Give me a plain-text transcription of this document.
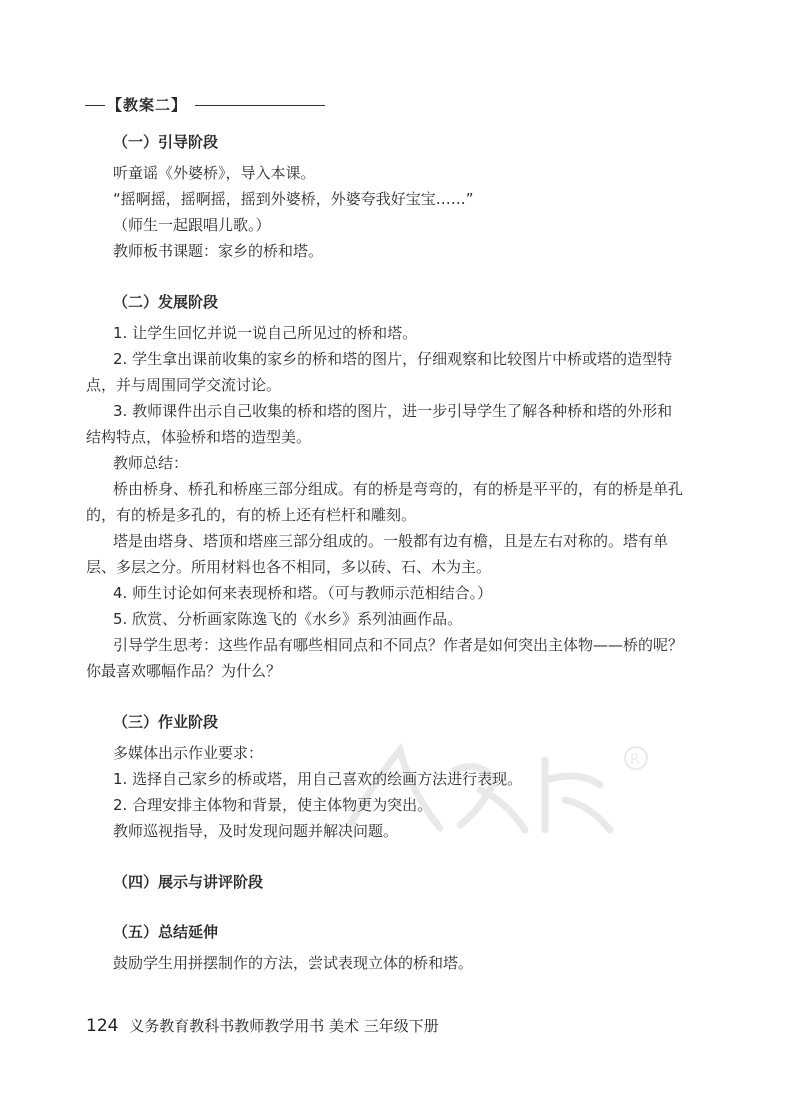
【教案二】
（一）引导阶段
听童谣《外婆桥》，导入本课。
“摇啊摇，摇啊摇，摇到外婆桥，外婆夸我好宝宝……”
（师生一起跟唱儿歌。）
教师板书课题：家乡的桥和塔。
（二）发展阶段
1. 让学生回忆并说一说自己所见过的桥和塔。
2. 学生拿出课前收集的家乡的桥和塔的图片，仔细观察和比较图片中桥或塔的造型特
点，并与周围同学交流讨论。
3. 教师课件出示自己收集的桥和塔的图片，进一步引导学生了解各种桥和塔的外形和
结构特点，体验桥和塔的造型美。
教师总结：
桥由桥身、桥孔和桥座三部分组成。有的桥是弯弯的，有的桥是平平的，有的桥是单孔
的，有的桥是多孔的，有的桥上还有栏杆和雕刻。
塔是由塔身、塔顶和塔座三部分组成的。一般都有边有檐，且是左右对称的。塔有单
层、多层之分。所用材料也各不相同，多以砖、石、木为主。
4. 师生讨论如何来表现桥和塔。（可与教师示范相结合。）
5. 欣赏、分析画家陈逸飞的《水乡》系列油画作品。
引导学生思考：这些作品有哪些相同点和不同点？作者是如何突出主体物——桥的呢？
你最喜欢哪幅作品？为什么？
（三）作业阶段
多媒体出示作业要求：
1. 选择自己家乡的桥或塔，用自己喜欢的绘画方法进行表现。
2. 合理安排主体物和背景，使主体物更为突出。
教师巡视指导，及时发现问题并解决问题。
（四）展示与讲评阶段
（五）总结延伸
鼓励学生用拼摆制作的方法，尝试表现立体的桥和塔。
R
124 义务教育教科书教师教学用书 美术 三年级下册
